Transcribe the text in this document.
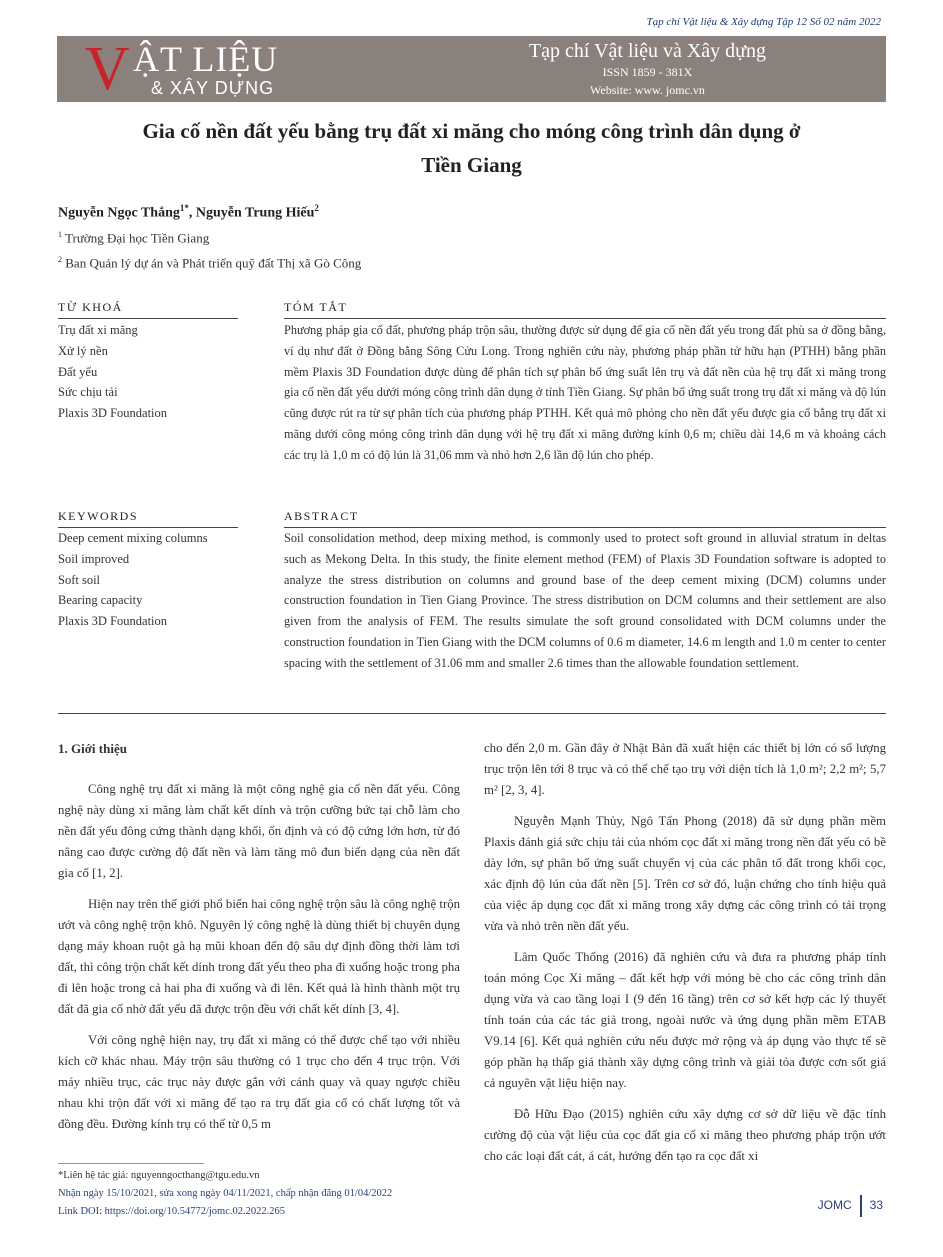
Tạp chí Vật liệu & Xây dựng Tập 12 Số 02 năm 2022
V ẬT LIỆU
& XÂY DỰNG
Tạp chí Vật liệu và Xây dựng
ISSN 1859 - 381X
Website: www. jomc.vn
Gia cố nền đất yếu bằng trụ đất xi măng cho móng công trình dân dụng ở
Tiền Giang
Nguyễn Ngọc Thắng$^{1*}$, Nguyễn Trung Hiếu$^2$
$^1$ Trường Đại học Tiền Giang
$^2$ Ban Quản lý dự án và Phát triển quỹ đất Thị xã Gò Công
TỪ KHOÁ
Trụ đất xi măng
Xử lý nền
Đất yếu
Sức chịu tải
Plaxis 3D Foundation
TÓM TẮT
Phương pháp gia cố đất, phương pháp trộn sâu, thường được sử dụng để gia cố nền đất yếu trong đất phù sa ở đồng bằng, ví dụ như đất ở Đồng bằng Sông Cửu Long. Trong nghiên cứu này, phương pháp phần tử hữu hạn (PTHH) bằng phần mềm Plaxis 3D Foundation được dùng để phân tích sự phân bố ứng suất lên trụ và đất nền của hệ trụ đất xi măng trong gia cố nền đất yếu dưới móng công trình dân dụng ở tỉnh Tiền Giang. Sự phân bố ứng suất trong trụ đất xi măng và độ lún cũng được rút ra từ sự phân tích của phương pháp PTHH. Kết quả mô phỏng cho nền đất yếu được gia cố bằng trụ đất xi măng dưới công móng công trình dân dụng với hệ trụ đất xi măng đường kính 0,6 m; chiều dài 14,6 m và khoảng cách các trụ là 1,0 m có độ lún là 31,06 mm và nhỏ hơn 2,6 lần độ lún cho phép.
KEYWORDS
Deep cement mixing columns
Soil improved
Soft soil
Bearing capacity
Plaxis 3D Foundation
ABSTRACT
Soil consolidation method, deep mixing method, is commonly used to protect soft ground in alluvial stratum in deltas such as Mekong Delta. In this study, the finite element method (FEM) of Plaxis 3D Foundation software is adopted to analyze the stress distribution on columns and ground base of the deep cement mixing (DCM) columns under construction foundation in Tien Giang Province. The stress distribution on DCM columns and their settlement are also given from the analysis of FEM. The results simulate the soft ground consolidated with DCM columns under the construction foundation in Tien Giang with the DCM columns of 0.6 m diameter, 14.6 m length and 1.0 m center to center spacing with the settlement of 31.06 mm and smaller 2.6 times than the allowable foundation settlement.
1. Giới thiệu

Công nghệ trụ đất xi măng là một công nghệ gia cố nền đất yếu. Công nghệ này dùng xi măng làm chất kết dính và trộn cưỡng bức tại chỗ làm cho nền đất yếu đông cứng thành dạng khối, ổn định và có độ cứng lớn hơn, từ đó nâng cao được cường độ đất nền và làm tăng mô đun biến dạng của nền đất gia cố [1, 2].

Hiện nay trên thế giới phổ biến hai công nghệ trộn sâu là công nghệ trộn ướt và công nghệ trộn khô. Nguyên lý công nghệ là dùng thiết bị chuyên dụng dạng máy khoan ruột gà hạ mũi khoan đến độ sâu dự định đồng thời làm tơi đất, thì công trộn chất kết dính trong đất yếu theo pha đi xuống hoặc trong pha đi lên hoặc trong cả hai pha đi xuống và đi lên. Kết quả là hình thành một trụ đất đã gia cố nhờ đất yếu đã được trộn đều với chất kết dính [3, 4].

Với công nghệ hiện nay, trụ đất xi măng có thể được chế tạo với nhiều kích cỡ khác nhau. Máy trộn sâu thường có 1 trục cho đến 4 trục trộn. Với máy nhiều trục, các trục này được gắn với cánh quay và quay ngược chiều nhau khi trộn đất với xi măng để tạo ra trụ đất gia cố có chất lượng tốt và đồng đều. Đường kính trụ có thể từ 0,5 m

cho đến 2,0 m. Gần đây ở Nhật Bản đã xuất hiện các thiết bị lớn có số lượng trục trộn lên tới 8 trục và có thể chế tạo trụ với diện tích là 1,0 m²; 2,2 m²; 5,7 m² [2, 3, 4].

Nguyễn Mạnh Thủy, Ngô Tấn Phong (2018) đã sử dụng phần mềm Plaxis đánh giá sức chịu tải của nhóm cọc đất xi măng trong nền đất yếu có bề dày lớn, sự phân bố ứng suất chuyển vị của các phân tố đất trong khối cọc, xác định độ lún của đất nền [5]. Trên cơ sở đó, luận chứng cho tính hiệu quả của việc áp dụng cọc đất xi măng trong xây dựng các công trình có tải trọng vừa và nhỏ trên nền đất yếu.

Lâm Quốc Thống (2016) đã nghiên cứu và đưa ra phương pháp tính toán móng Cọc Xi măng – đất kết hợp với móng bè cho các công trình dân dụng vừa và cao tầng loại I (9 đến 16 tầng) trên cơ sở kết hợp các lý thuyết tính toán của các tác giả trong, ngoài nước và ứng dụng phần mềm ETAB V9.14 [6]. Kết quả nghiên cứu nếu được mở rộng và áp dụng vào thực tế sẽ góp phần hạ thấp giá thành xây dựng công trình và giải tỏa được cơn sốt giá cả nguyên vật liệu hiện nay.

Đỗ Hữu Đạo (2015) nghiên cứu xây dựng cơ sở dữ liệu về đặc tính cường độ của vật liệu của cọc đất gia cố xi măng theo phương pháp trộn ướt cho các loại đất cát, á cát, hướng đến tạo ra cọc đất xi

*Liên hệ tác giả: nguyenngocthang@tgu.edu.vn
Nhận ngày 15/10/2021, sửa xong ngày 04/11/2021, chấp nhận đăng 01/04/2022
Link DOI: https://doi.org/10.54772/jomc.02.2022.265	JOMC 33
